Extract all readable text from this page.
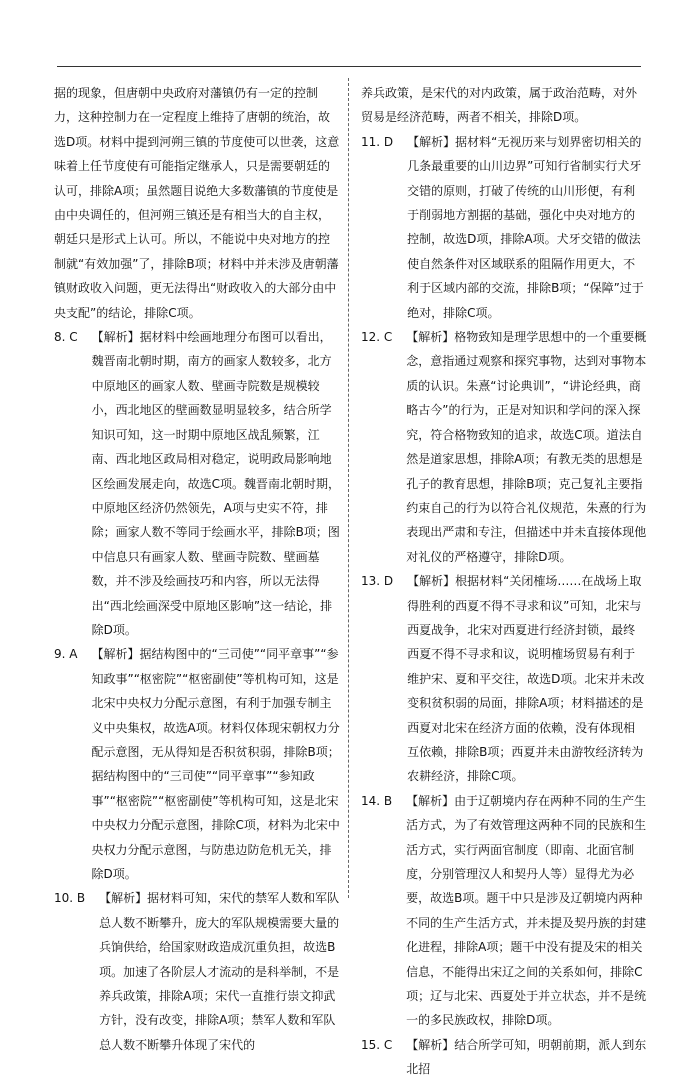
据的现象，但唐朝中央政府对藩镇仍有一定的控制力，这种控制力在一定程度上维持了唐朝的统治，故选D项。材料中提到河朔三镇的节度使可以世袭，这意味着上任节度使有可能指定继承人，只是需要朝廷的认可，排除A项；虽然题目说绝大多数藩镇的节度使是由中央调任的，但河朔三镇还是有相当大的自主权，朝廷只是形式上认可。所以，不能说中央对地方的控制就“有效加强”了，排除B项；材料中并未涉及唐朝藩镇财政收入问题，更无法得出“财政收入的大部分由中央支配”的结论，排除C项。

8. C	【解析】据材料中绘画地理分布图可以看出，魏晋南北朝时期，南方的画家人数较多，北方中原地区的画家人数、壁画寺院数是规模较小，西北地区的壁画数显明显较多，结合所学知识可知，这一时期中原地区战乱频繁，江南、西北地区政局相对稳定，说明政局影响地区绘画发展走向，故选C项。魏晋南北朝时期，中原地区经济仍然领先，A项与史实不符，排除；画家人数不等同于绘画水平，排除B项；图中信息只有画家人数、壁画寺院数、壁画墓数，并不涉及绘画技巧和内容，所以无法得出“西北绘画深受中原地区影响”这一结论，排除D项。
9. A	【解析】据结构图中的“三司使”“同平章事”“参知政事”“枢密院”“枢密副使”等机构可知，这是北宋中央权力分配示意图，有利于加强专制主义中央集权，故选A项。材料仅体现宋朝权力分配示意图，无从得知是否积贫积弱，排除B项；据结构图中的“三司使”“同平章事”“参知政事”“枢密院”“枢密副使”等机构可知，这是北宋中央权力分配示意图，排除C项，材料为北宋中央权力分配示意图，与防患边防危机无关，排除D项。
10. B	【解析】据材料可知，宋代的禁军人数和军队总人数不断攀升，庞大的军队规模需要大量的兵饷供给，给国家财政造成沉重负担，故选B项。加速了各阶层人才流动的是科举制，不是养兵政策，排除A项；宋代一直推行崇文抑武方针，没有改变，排除A项；禁军人数和军队总人数不断攀升体现了宋代的

养兵政策，是宋代的对内政策，属于政治范畴，对外贸易是经济范畴，两者不相关，排除D项。

11. D	【解析】据材料“无视历来与划界密切相关的几条最重要的山川边界”可知行省制实行犬牙交错的原则，打破了传统的山川形便，有利于削弱地方割据的基础，强化中央对地方的控制，故选D项，排除A项。犬牙交错的做法使自然条件对区域联系的阻隔作用更大，不利于区域内部的交流，排除B项；“保障”过于绝对，排除C项。
12. C	【解析】格物致知是理学思想中的一个重要概念，意指通过观察和探究事物，达到对事物本质的认识。朱熹“讨论典训”，“讲论经典，商略古今”的行为，正是对知识和学问的深入探究，符合格物致知的追求，故选C项。道法自然是道家思想，排除A项；有教无类的思想是孔子的教育思想，排除B项；克己复礼主要指约束自己的行为以符合礼仪规范，朱熹的行为表现出严肃和专注，但描述中并未直接体现他对礼仪的严格遵守，排除D项。
13. D	【解析】根据材料“关闭榷场……在战场上取得胜利的西夏不得不寻求和议”可知，北宋与西夏战争，北宋对西夏进行经济封锁，最终西夏不得不寻求和议，说明榷场贸易有利于维护宋、夏和平交往，故选D项。北宋并未改变积贫积弱的局面，排除A项；材料描述的是西夏对北宋在经济方面的依赖，没有体现相互依赖，排除B项；西夏并未由游牧经济转为农耕经济，排除C项。
14. B	【解析】由于辽朝境内存在两种不同的生产生活方式，为了有效管理这两种不同的民族和生活方式，实行两面官制度（即南、北面官制度，分别管理汉人和契丹人等）显得尤为必要，故选B项。题干中只是涉及辽朝境内两种不同的生产生活方式，并未提及契丹族的封建化进程，排除A项；题干中没有提及宋的相关信息，不能得出宋辽之间的关系如何，排除C项；辽与北宋、西夏处于并立状态，并不是统一的多民族政权，排除D项。
15. C	【解析】结合所学可知，明朝前期，派人到东北招
